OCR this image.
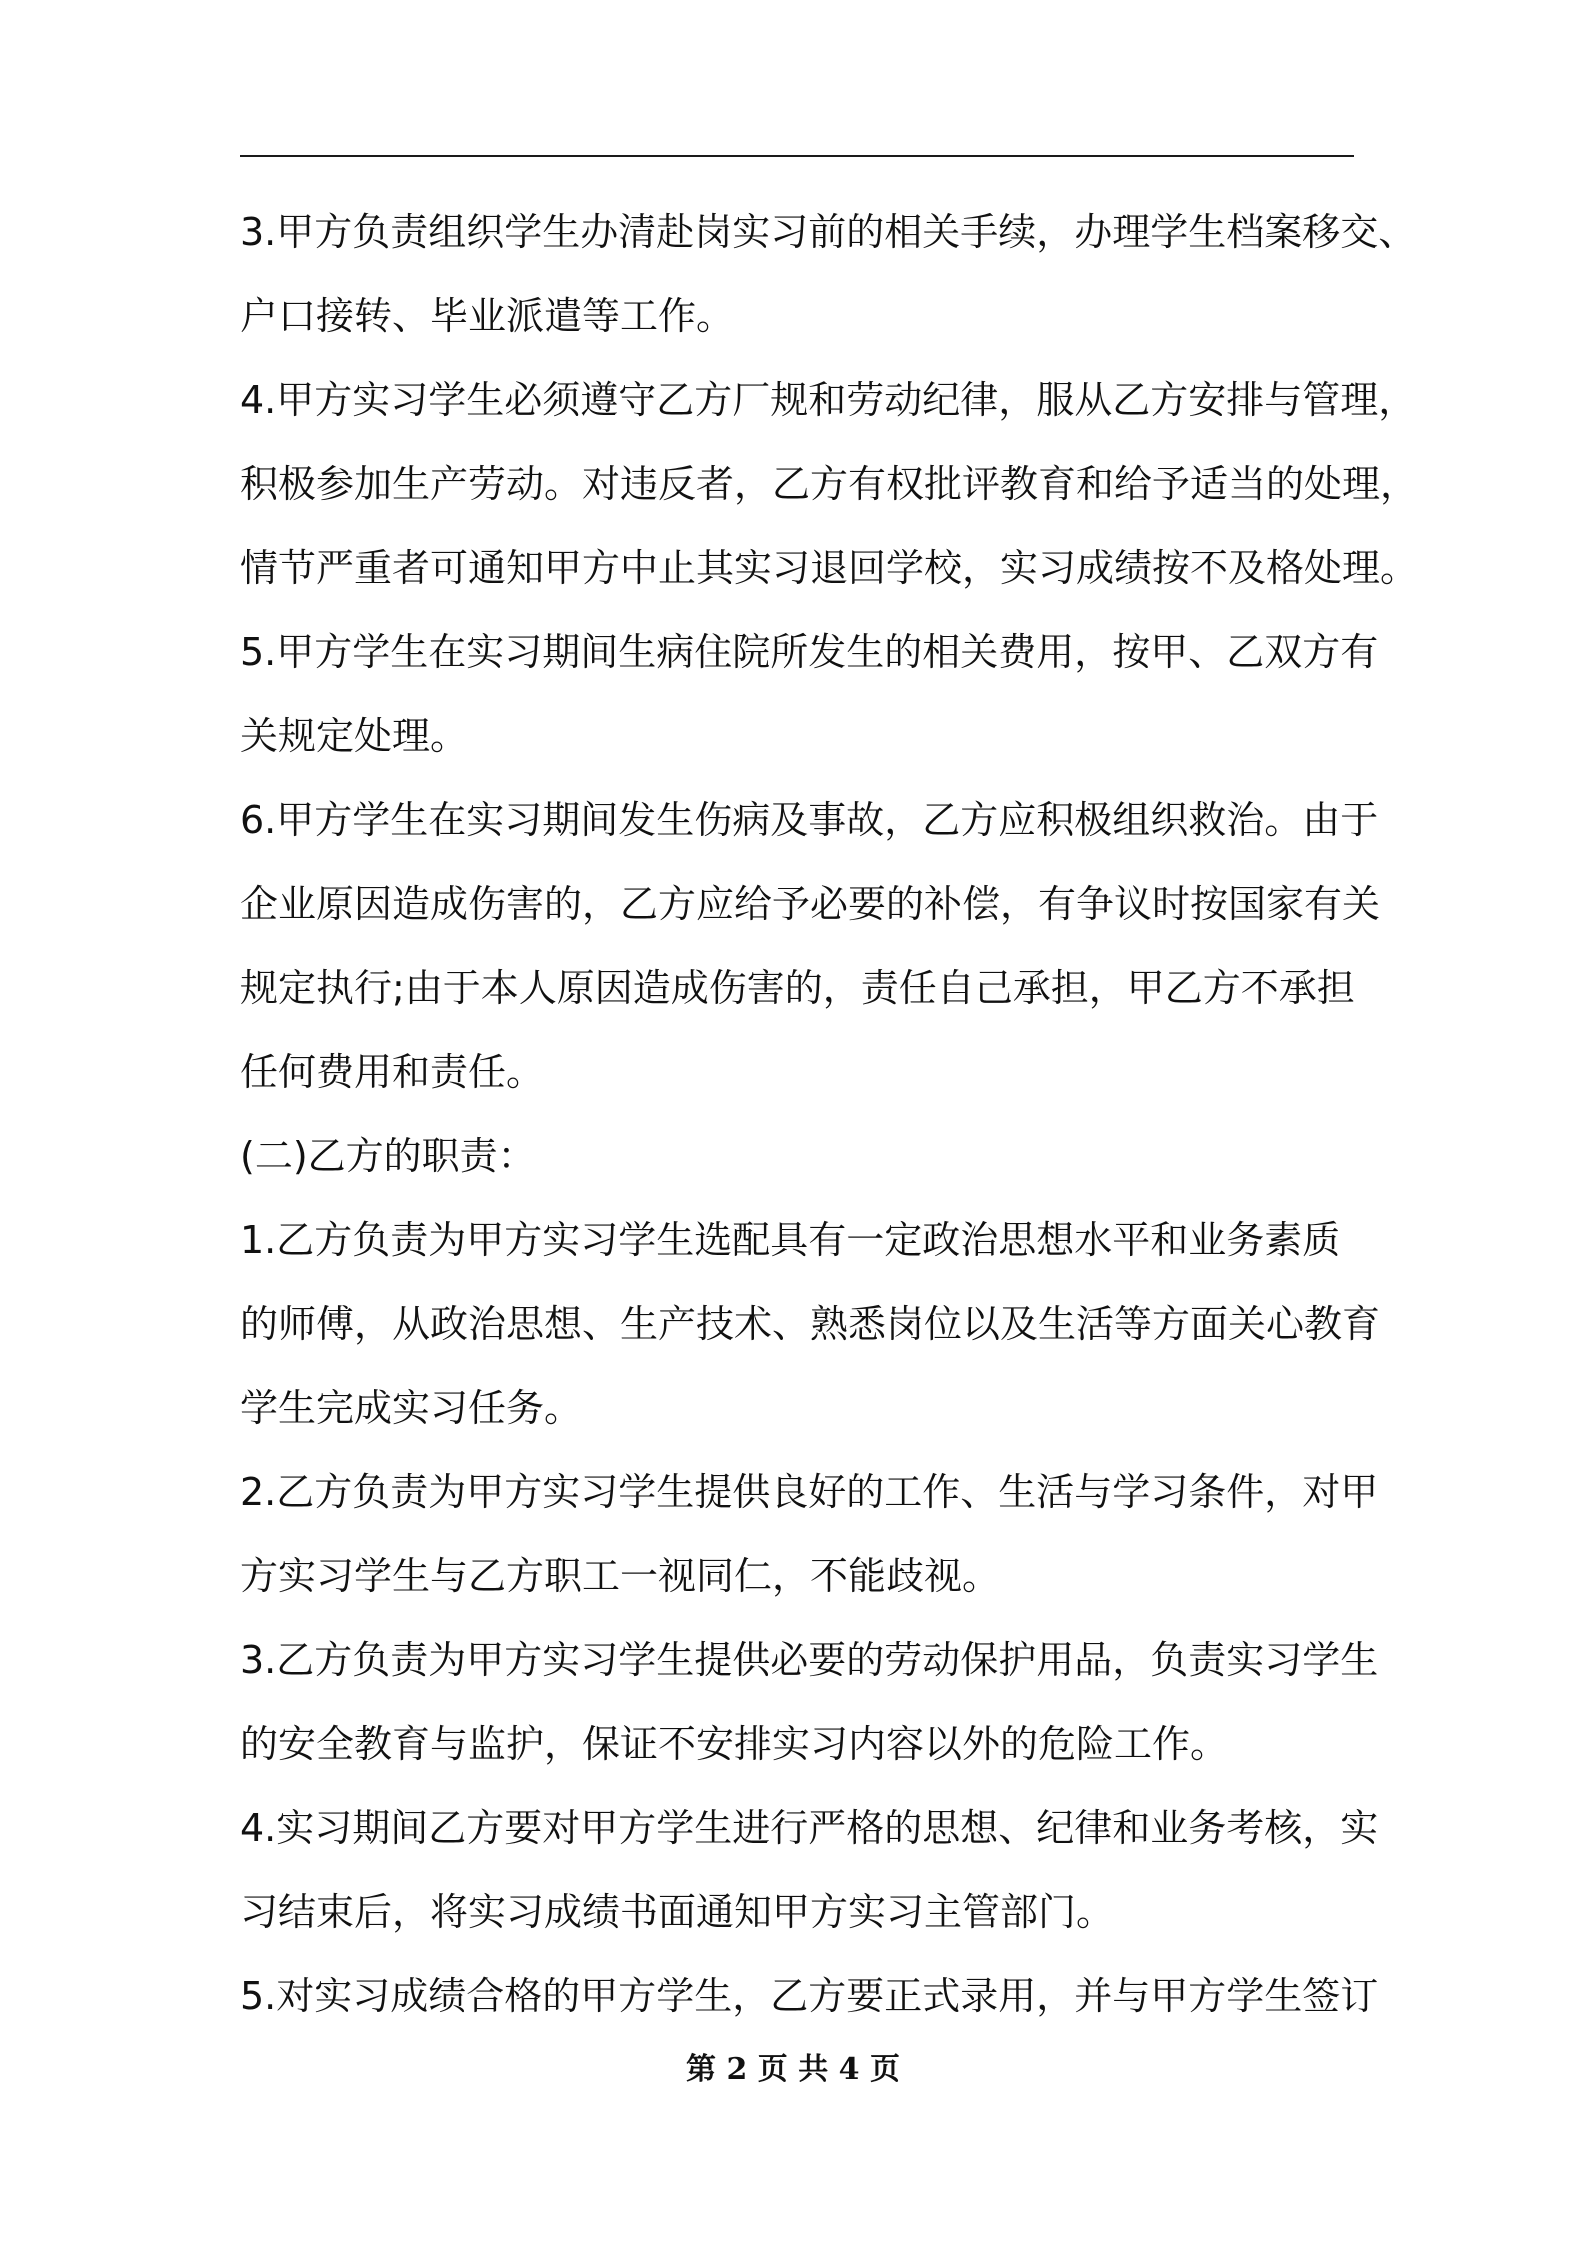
3.甲方负责组织学生办清赴岗实习前的相关手续，办理学生档案移交、
户口接转、毕业派遣等工作。
4.甲方实习学生必须遵守乙方厂规和劳动纪律，服从乙方安排与管理，
积极参加生产劳动。对违反者，乙方有权批评教育和给予适当的处理，
情节严重者可通知甲方中止其实习退回学校，实习成绩按不及格处理。
5.甲方学生在实习期间生病住院所发生的相关费用，按甲、乙双方有
关规定处理。
6.甲方学生在实习期间发生伤病及事故，乙方应积极组织救治。由于
企业原因造成伤害的，乙方应给予必要的补偿，有争议时按国家有关
规定执行;由于本人原因造成伤害的，责任自己承担，甲乙方不承担
任何费用和责任。
(二)乙方的职责：
1.乙方负责为甲方实习学生选配具有一定政治思想水平和业务素质
的师傅，从政治思想、生产技术、熟悉岗位以及生活等方面关心教育
学生完成实习任务。
2.乙方负责为甲方实习学生提供良好的工作、生活与学习条件，对甲
方实习学生与乙方职工一视同仁，不能歧视。
3.乙方负责为甲方实习学生提供必要的劳动保护用品，负责实习学生
的安全教育与监护，保证不安排实习内容以外的危险工作。
4.实习期间乙方要对甲方学生进行严格的思想、纪律和业务考核，实
习结束后，将实习成绩书面通知甲方实习主管部门。
5.对实习成绩合格的甲方学生，乙方要正式录用，并与甲方学生签订
第 2 页 共 4 页
